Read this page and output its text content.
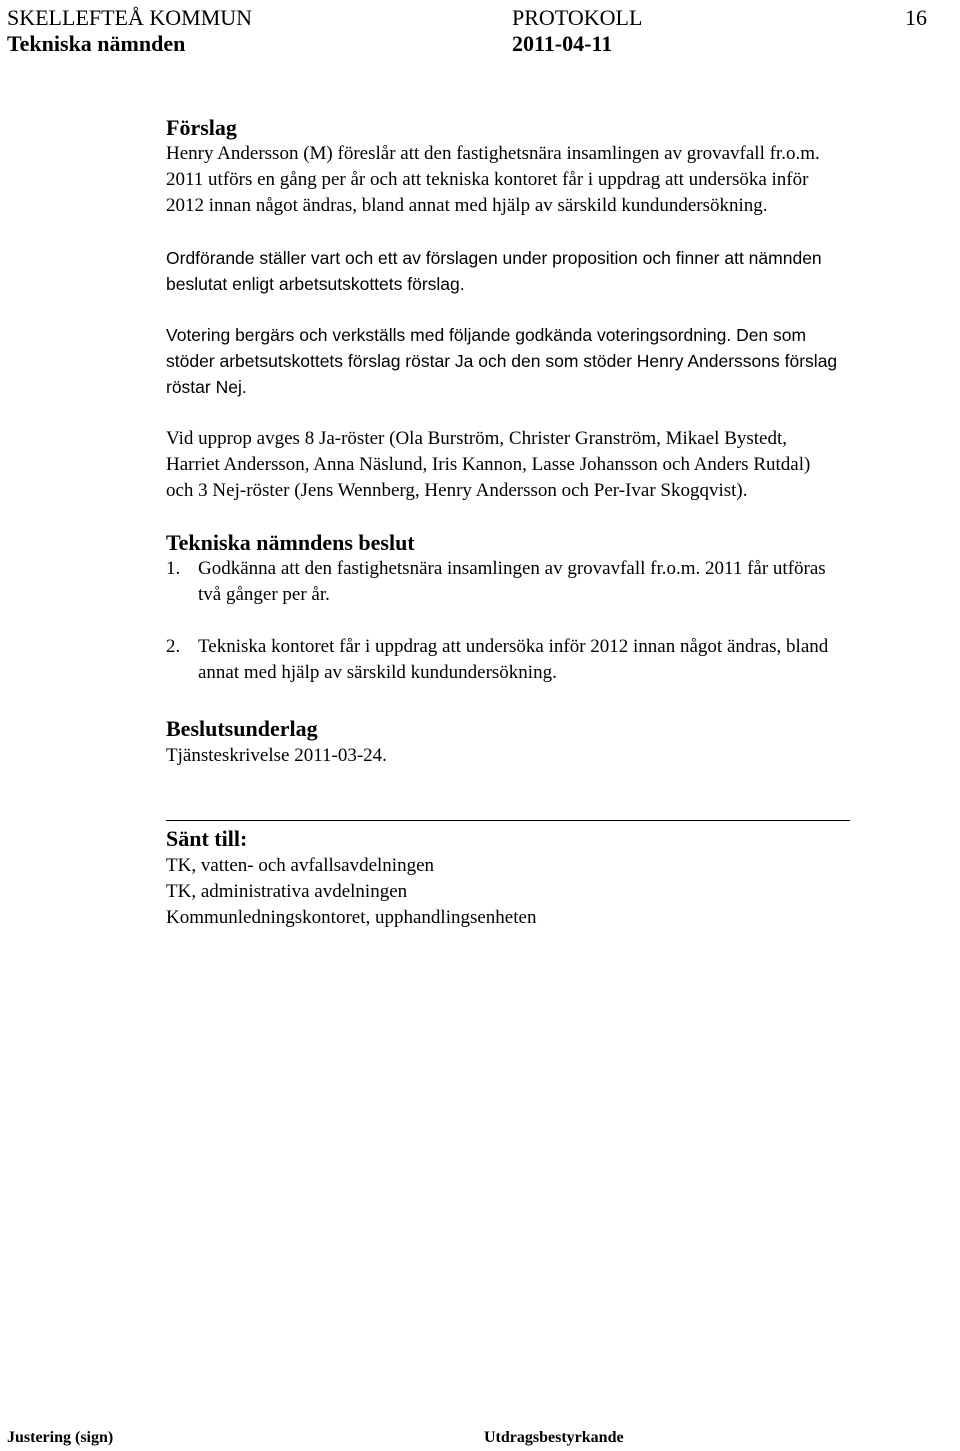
SKELLEFTEÅ KOMMUN	PROTOKOLL	16
Tekniska nämnden	2011-04-11
Förslag
Henry Andersson (M) föreslår att den fastighetsnära insamlingen av grovavfall fr.o.m.
2011 utförs en gång per år och att tekniska kontoret får i uppdrag att undersöka inför
2012 innan något ändras, bland annat med hjälp av särskild kundundersökning.
Ordförande ställer vart och ett av förslagen under proposition och finner att nämnden
beslutat enligt arbetsutskottets förslag.
Votering bergärs och verkställs med följande godkända voteringsordning. Den som
stöder arbetsutskottets förslag röstar Ja och den som stöder Henry Anderssons förslag
röstar Nej.
Vid upprop avges 8 Ja-röster (Ola Burström, Christer Granström, Mikael Bystedt,
Harriet Andersson, Anna Näslund, Iris Kannon, Lasse Johansson och Anders Rutdal)
och 3 Nej-röster (Jens Wennberg, Henry Andersson och Per-Ivar Skogqvist).
Tekniska nämndens beslut
1. Godkänna att den fastighetsnära insamlingen av grovavfall fr.o.m. 2011 får utföras
två gånger per år.
2. Tekniska kontoret får i uppdrag att undersöka inför 2012 innan något ändras, bland
annat med hjälp av särskild kundundersökning.
Beslutsunderlag
Tjänsteskrivelse 2011-03-24.
Sänt till:
TK, vatten- och avfallsavdelningen
TK, administrativa avdelningen
Kommunledningskontoret, upphandlingsenheten
Justering (sign)	Utdragsbestyrkande
